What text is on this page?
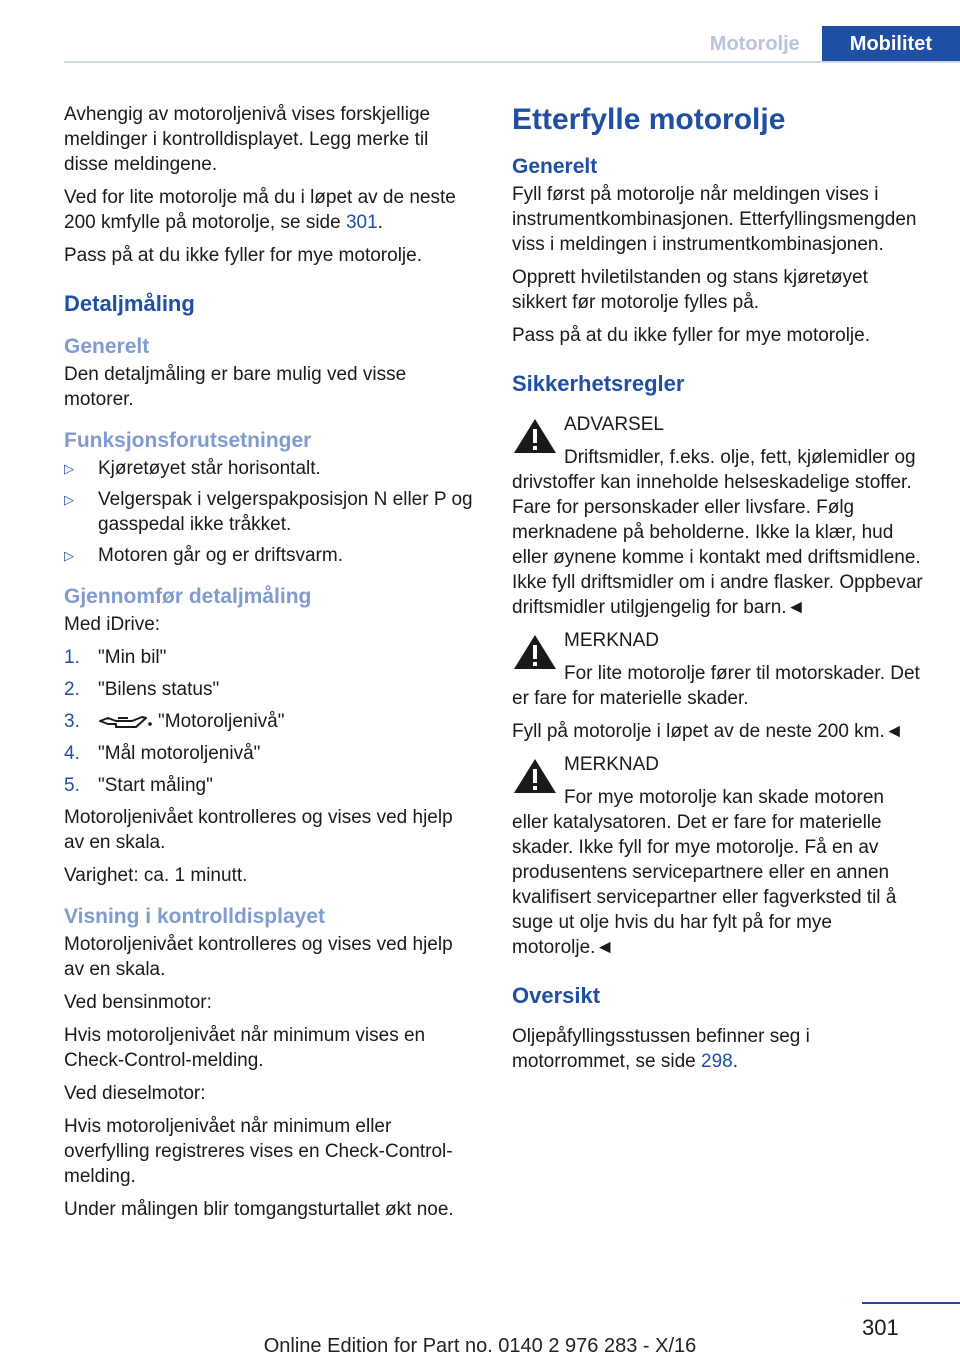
Motorolje	Mobilitet

Avhengig av motoroljenivå vises forskjellige meldinger i kontrolldisplayet. Legg merke til disse meldingene.

Ved for lite motorolje må du i løpet av de neste 200 kmfylle på motorolje, se side 301.

Pass på at du ikke fyller for mye motorolje.

Detaljmåling
Generelt

Den detaljmåling er bare mulig ved visse motorer.

Funksjonsforutsetninger
▷ Kjøretøyet står horisontalt.
▷ Velgerspak i velgerspakposisjon N eller P og gasspedal ikke tråkket.
▷ Motoren går og er driftsvarm.
Gjennomfør detaljmåling

Med iDrive:

1. "Min bil"
2. "Bilens status"
3.	"Motoroljenivå"
4. "Mål motoroljenivå"
5. "Start måling"

Motoroljenivået kontrolleres og vises ved hjelp av en skala.

Varighet: ca. 1 minutt.

Visning i kontrolldisplayet

Motoroljenivået kontrolleres og vises ved hjelp av en skala.

Ved bensinmotor:

Hvis motoroljenivået når minimum vises en Check-Control-melding.

Ved dieselmotor:

Hvis motoroljenivået når minimum eller overfylling registreres vises en Check-Control-melding.

Under målingen blir tomgangsturtallet økt noe.

Etterfylle motorolje
Generelt

Fyll først på motorolje når meldingen vises i instrumentkombinasjonen. Etterfyllingsmengden viss i meldingen i instrumentkombinasjonen.

Opprett hviletilstanden og stans kjøretøyet sikkert før motorolje fylles på.

Pass på at du ikke fyller for mye motorolje.

Sikkerhetsregler
ADVARSEL
Driftsmidler, f.eks. olje, fett, kjølemidler og drivstoffer kan inneholde helseskadelige stoffer. Fare for personskader eller livsfare. Følg merknadene på beholderne. Ikke la klær, hud eller øynene komme i kontakt med driftsmidlene. Ikke fyll driftsmidler om i andre flasker. Oppbevar driftsmidler utilgjengelig for barn.◄
MERKNAD
For lite motorolje fører til motorskader. Det er fare for materielle skader.

Fyll på motorolje i løpet av de neste 200 km.◄

MERKNAD
For mye motorolje kan skade motoren eller katalysatoren. Det er fare for materielle skader. Ikke fyll for mye motorolje. Få en av produsentens servicepartnere eller en annen kvalifisert servicepartner eller fagverksted til å suge ut olje hvis du har fylt på for mye motorolje.◄
Oversikt

Oljepåfyllingsstussen befinner seg i motorrommet, se side 298.

301
Online Edition for Part no. 0140 2 976 283 - X/16
